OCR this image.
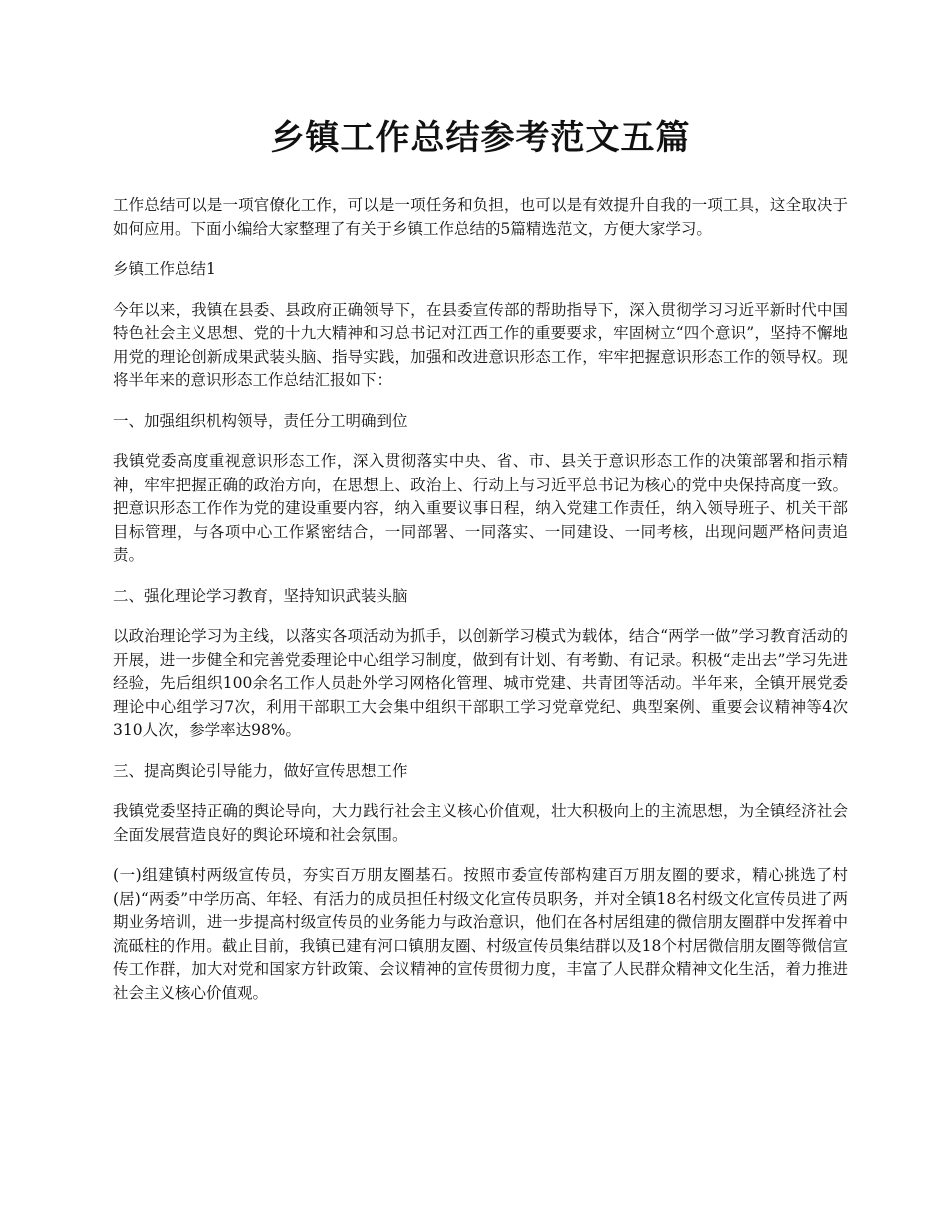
乡镇工作总结参考范文五篇

工作总结可以是一项官僚化工作，可以是一项任务和负担，也可以是有效提升自我的一项工具，这全取决于如何应用。下面小编给大家整理了有关于乡镇工作总结的5篇精选范文，方便大家学习。

乡镇工作总结1

今年以来，我镇在县委、县政府正确领导下，在县委宣传部的帮助指导下，深入贯彻学习习近平新时代中国特色社会主义思想、党的十九大精神和习总书记对江西工作的重要要求，牢固树立“四个意识”，坚持不懈地用党的理论创新成果武装头脑、指导实践，加强和改进意识形态工作，牢牢把握意识形态工作的领导权。现将半年来的意识形态工作总结汇报如下：

一、加强组织机构领导，责任分工明确到位

我镇党委高度重视意识形态工作，深入贯彻落实中央、省、市、县关于意识形态工作的决策部署和指示精神，牢牢把握正确的政治方向，在思想上、政治上、行动上与习近平总书记为核心的党中央保持高度一致。把意识形态工作作为党的建设重要内容，纳入重要议事日程，纳入党建工作责任，纳入领导班子、机关干部目标管理，与各项中心工作紧密结合，一同部署、一同落实、一同建设、一同考核，出现问题严格问责追责。

二、强化理论学习教育，坚持知识武装头脑

以政治理论学习为主线，以落实各项活动为抓手，以创新学习模式为载体，结合“两学一做”学习教育活动的开展，进一步健全和完善党委理论中心组学习制度，做到有计划、有考勤、有记录。积极“走出去”学习先进经验，先后组织100余名工作人员赴外学习网格化管理、城市党建、共青团等活动。半年来，全镇开展党委理论中心组学习7次，利用干部职工大会集中组织干部职工学习党章党纪、典型案例、重要会议精神等4次310人次，参学率达98%。

三、提高舆论引导能力，做好宣传思想工作

我镇党委坚持正确的舆论导向，大力践行社会主义核心价值观，壮大积极向上的主流思想，为全镇经济社会全面发展营造良好的舆论环境和社会氛围。

(一)组建镇村两级宣传员，夯实百万朋友圈基石。按照市委宣传部构建百万朋友圈的要求，精心挑选了村(居)“两委”中学历高、年轻、有活力的成员担任村级文化宣传员职务，并对全镇18名村级文化宣传员进了两期业务培训，进一步提高村级宣传员的业务能力与政治意识，他们在各村居组建的微信朋友圈群中发挥着中流砥柱的作用。截止目前，我镇已建有河口镇朋友圈、村级宣传员集结群以及18个村居微信朋友圈等微信宣传工作群，加大对党和国家方针政策、会议精神的宣传贯彻力度，丰富了人民群众精神文化生活，着力推进社会主义核心价值观。
